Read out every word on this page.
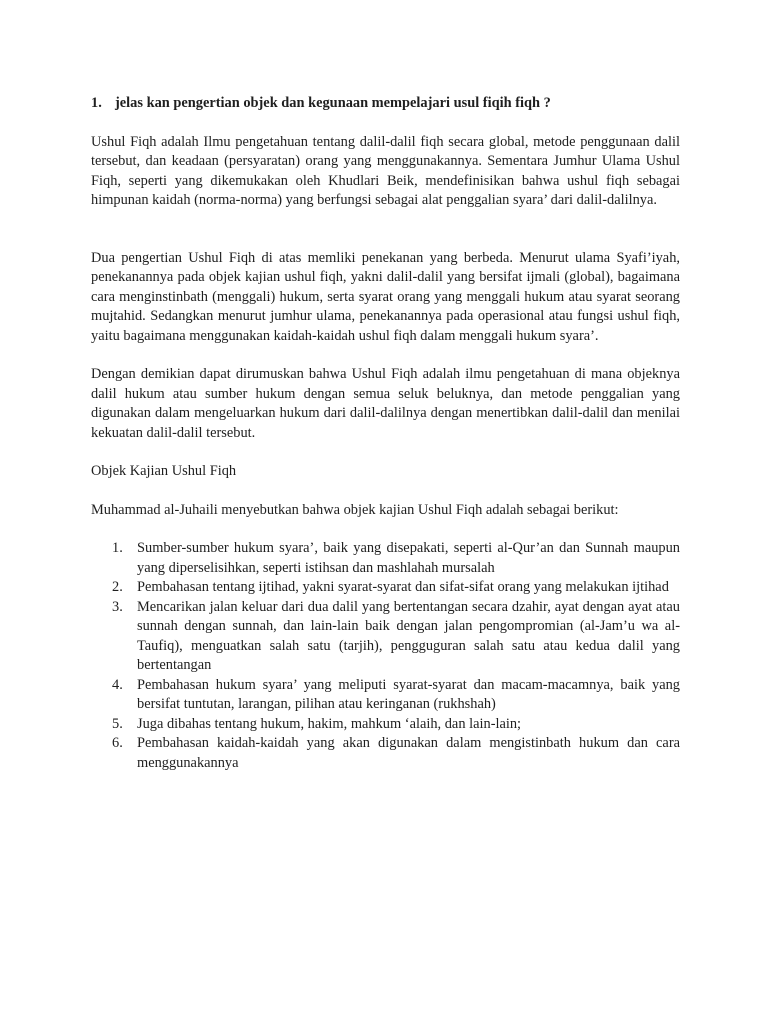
1. jelas kan pengertian objek dan kegunaan mempelajari usul fiqih fiqh ?

Ushul Fiqh adalah Ilmu pengetahuan tentang dalil-dalil fiqh secara global, metode penggunaan dalil tersebut, dan keadaan (persyaratan) orang yang menggunakannya. Sementara Jumhur Ulama Ushul Fiqh, seperti yang dikemukakan oleh Khudlari Beik, mendefinisikan bahwa ushul fiqh sebagai himpunan kaidah (norma-norma) yang berfungsi sebagai alat penggalian syara’ dari dalil-dalilnya.

Dua pengertian Ushul Fiqh di atas memliki penekanan yang berbeda. Menurut ulama Syafi’iyah, penekanannya pada objek kajian ushul fiqh, yakni dalil-dalil yang bersifat ijmali (global), bagaimana cara menginstinbath (menggali) hukum, serta syarat orang yang menggali hukum atau syarat seorang mujtahid. Sedangkan menurut jumhur ulama, penekanannya pada operasional atau fungsi ushul fiqh, yaitu bagaimana menggunakan kaidah-kaidah ushul fiqh dalam menggali hukum syara’.

Dengan demikian dapat dirumuskan bahwa Ushul Fiqh adalah ilmu pengetahuan di mana objeknya dalil hukum atau sumber hukum dengan semua seluk beluknya, dan metode penggalian yang digunakan dalam mengeluarkan hukum dari dalil-dalilnya dengan menertibkan dalil-dalil dan menilai kekuatan dalil-dalil tersebut.

Objek Kajian Ushul Fiqh

Muhammad al-Juhaili menyebutkan bahwa objek kajian Ushul Fiqh adalah sebagai berikut:

1. Sumber-sumber hukum syara’, baik yang disepakati, seperti al-Qur’an dan Sunnah maupun yang diperselisihkan, seperti istihsan dan mashlahah mursalah
2. Pembahasan tentang ijtihad, yakni syarat-syarat dan sifat-sifat orang yang melakukan ijtihad
3. Mencarikan jalan keluar dari dua dalil yang bertentangan secara dzahir, ayat dengan ayat atau sunnah dengan sunnah, dan lain-lain baik dengan jalan pengompromian (al-Jam’u wa al-Taufiq), menguatkan salah satu (tarjih), pengguguran salah satu atau kedua dalil yang bertentangan
4. Pembahasan hukum syara’ yang meliputi syarat-syarat dan macam-macamnya, baik yang bersifat tuntutan, larangan, pilihan atau keringanan (rukhshah)
5. Juga dibahas tentang hukum, hakim, mahkum ‘alaih, dan lain-lain;
6. Pembahasan kaidah-kaidah yang akan digunakan dalam mengistinbath hukum dan cara menggunakannya
